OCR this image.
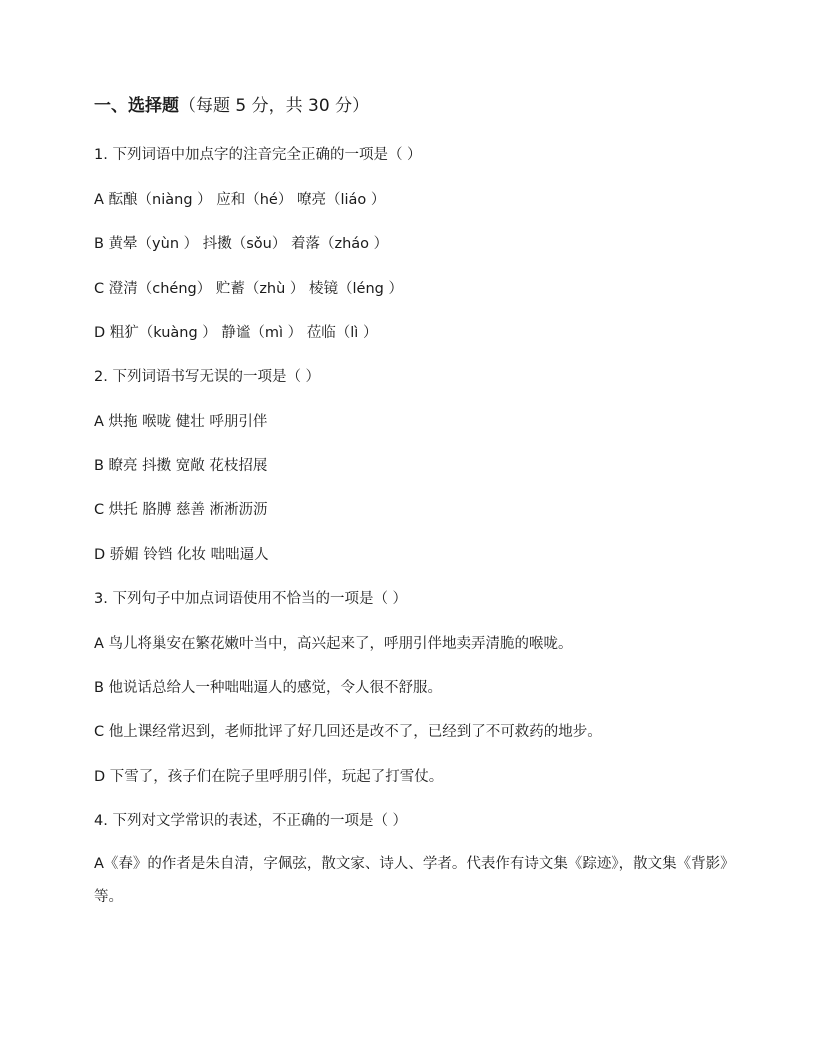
一、选择题（每题 5 分，共 30 分）
1. 下列词语中加点字的注音完全正确的一项是（ ）
A 酝酿（niàng ） 应和（hé） 嘹亮（liáo ）
B 黄晕（yùn ） 抖擞（sǒu） 着落（zháo ）
C 澄清（chéng） 贮蓄（zhù ） 棱镜（léng ）
D 粗犷（kuàng ） 静谧（mì ） 莅临（lì ）
2. 下列词语书写无误的一项是（ ）
A 烘拖 喉咙 健壮 呼朋引伴
B 瞭亮 抖擞 宽敞 花枝招展
C 烘托 胳膊 慈善 淅淅沥沥
D 骄媚 铃铛 化妆 咄咄逼人
3. 下列句子中加点词语使用不恰当的一项是（ ）
A 鸟儿将巢安在繁花嫩叶当中，高兴起来了，呼朋引伴地卖弄清脆的喉咙。
B 他说话总给人一种咄咄逼人的感觉，令人很不舒服。
C 他上课经常迟到，老师批评了好几回还是改不了，已经到了不可救药的地步。
D 下雪了，孩子们在院子里呼朋引伴，玩起了打雪仗。
4. 下列对文学常识的表述，不正确的一项是（ ）
A《春》的作者是朱自清，字佩弦，散文家、诗人、学者。代表作有诗文集《踪迹》，散文集《背影》等。
